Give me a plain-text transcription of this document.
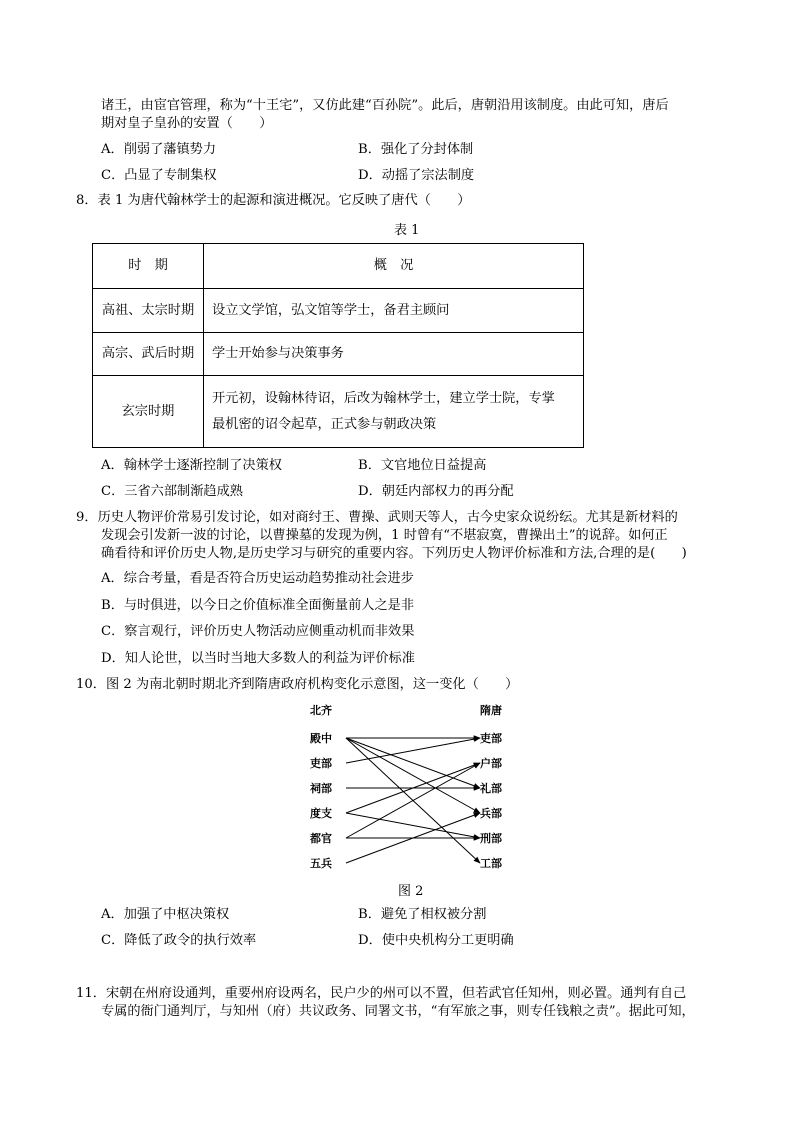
诸王，由宦官管理，称为“十王宅”，又仿此建“百孙院”。此后，唐朝沿用该制度。由此可知，唐后
期对皇子皇孙的安置（　　）
A．削弱了藩镇势力	B．强化了分封体制
C．凸显了专制集权	D．动摇了宗法制度
8．表 1 为唐代翰林学士的起源和演进概况。它反映了唐代（　　）
表 1
时　期	概　况
高祖、太宗时期	设立文学馆，弘文馆等学士，备君主顾问
高宗、武后时期	学士开始参与决策事务
玄宗时期	开元初，设翰林待诏，后改为翰林学士，建立学士院，专掌
最机密的诏令起草，正式参与朝政决策
A．翰林学士逐渐控制了决策权	B．文官地位日益提高
C．三省六部制渐趋成熟	D．朝廷内部权力的再分配
9．历史人物评价常易引发讨论，如对商纣王、曹操、武则天等人，古今史家众说纷纭。尤其是新材料的
发现会引发新一波的讨论，以曹操墓的发现为例，1 时曾有“不堪寂寞，曹操出土”的说辞。如何正
确看待和评价历史人物,是历史学习与研究的重要内容。下列历史人物评价标准和方法,合理的是(　　)
A．综合考量，看是否符合历史运动趋势推动社会进步
B．与时俱进，以今日之价值标准全面衡量前人之是非
C．察言观行，评价历史人物活动应侧重动机而非效果
D．知人论世，以当时当地大多数人的利益为评价标准
10．图 2 为南北朝时期北齐到隋唐政府机构变化示意图，这一变化（　　）
北齐	隋唐
殿中
吏部
祠部
度支
都官
五兵
吏部
户部
礼部
兵部
刑部
工部
图 2
A．加强了中枢决策权	B．避免了相权被分割
C．降低了政令的执行效率	D．使中央机构分工更明确
11．宋朝在州府设通判，重要州府设两名，民户少的州可以不置，但若武官任知州，则必置。通判有自己
专属的衙门通判厅，与知州（府）共议政务、同署文书，“有军旅之事，则专任钱粮之责”。据此可知，
